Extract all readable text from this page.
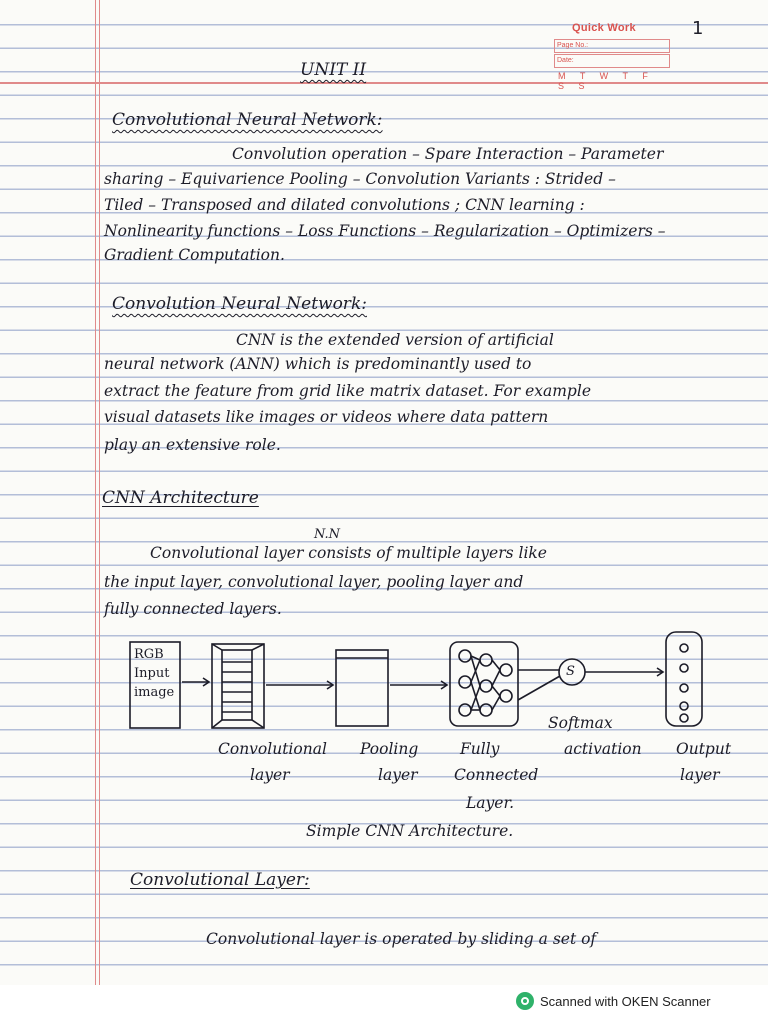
Quick Work
Page No.:
Date:
M T W T F S S
1
UNIT II
Convolutional Neural Network:
Convolution operation – Spare Interaction – Parameter
sharing – Equivarience Pooling – Convolution Variants : Strided –
Tiled – Transposed and dilated convolutions ; CNN learning :
Nonlinearity functions – Loss Functions – Regularization – Optimizers –
Gradient Computation.
Convolution Neural Network:
CNN is the extended version of artificial
neural network (ANN) which is predominantly used to
extract the feature from grid like matrix dataset. For example
visual datasets like images or videos where data pattern
play an extensive role.
CNN Architecture
N.N
Convolutional layer consists of multiple layers like
the input layer, convolutional layer, pooling layer and
fully connected layers.
RGB
Input
image
S
Softmax
Convolutional
layer
Pooling
layer
Fully
Connected
Layer.
activation Output
layer
Simple CNN Architecture.
Convolutional Layer:
Convolutional layer is operated by sliding a set of
Scanned with OKEN Scanner
